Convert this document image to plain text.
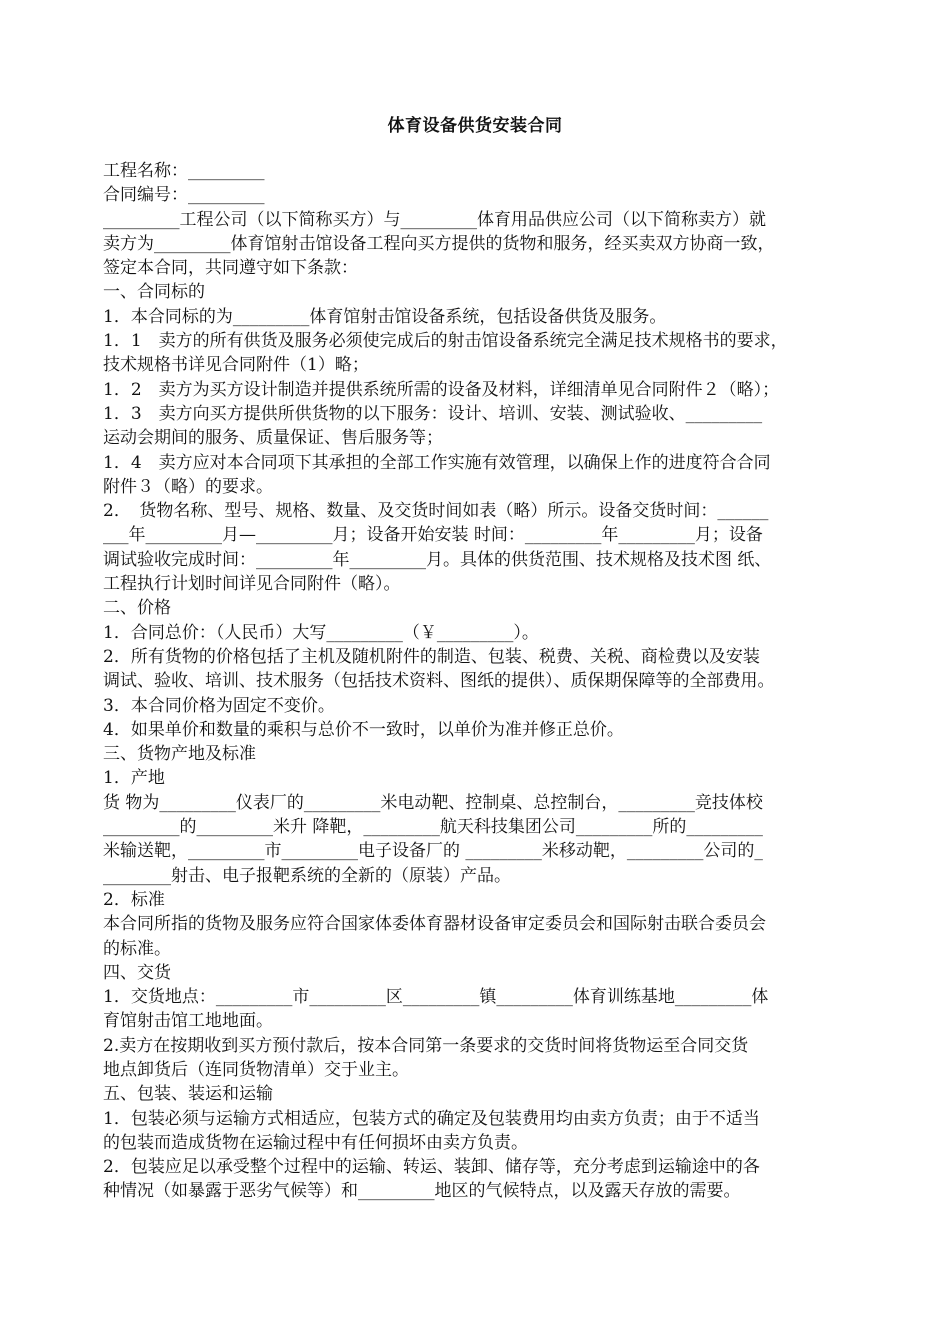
体育设备供货安装合同
工程名称：_________
合同编号：_________
_________工程公司（以下简称买方）与_________体育用品供应公司（以下简称卖方）就
卖方为_________体育馆射击馆设备工程向买方提供的货物和服务，经买卖双方协商一致，
签定本合同，共同遵守如下条款：
一、合同标的
1．本合同标的为_________体育馆射击馆设备系统，包括设备供货及服务。
1．1　卖方的所有供货及服务必须使完成后的射击馆设备系统完全满足技术规格书的要求，
技术规格书详见合同附件（1）略；
1．2　卖方为买方设计制造并提供系统所需的设备及材料，详细清单见合同附件２（略）；
1．3　卖方向买方提供所供货物的以下服务：设计、培训、安装、测试验收、_________
运动会期间的服务、质量保证、售后服务等；
1．4　卖方应对本合同项下其承担的全部工作实施有效管理，以确保上作的进度符合合同
附件３（略）的要求。
2．　货物名称、型号、规格、数量、及交货时间如表（略）所示。设备交货时间：______
___年_________月—_________月；设备开始安装 时间：_________年_________月；设备
调试验收完成时间：_________年_________月。具体的供货范围、技术规格及技术图 纸、
工程执行计划时间详见合同附件（略）。
二、价格
1．合同总价：（人民币）大写_________（￥_________）。
2．所有货物的价格包括了主机及随机附件的制造、包装、税费、关税、商检费以及安装
调试、验收、培训、技术服务（包括技术资料、图纸的提供）、质保期保障等的全部费用。
3．本合同价格为固定不变价。
4．如果单价和数量的乘积与总价不一致时，以单价为准并修正总价。
三、货物产地及标准
1．产地
货 物为_________仪表厂的_________米电动靶、控制桌、总控制台，_________竞技体校
_________的_________米升 降靶，_________航天科技集团公司_________所的_________
米输送靶，_________市_________电子设备厂的 _________米移动靶，_________公司的_
________射击、电子报靶系统的全新的（原装）产品。
2．标准
本合同所指的货物及服务应符合国家体委体育器材设备审定委员会和国际射击联合委员会
的标准。
四、交货
1．交货地点：_________市_________区_________镇_________体育训练基地_________体
育馆射击馆工地地面。
2.卖方在按期收到买方预付款后，按本合同第一条要求的交货时间将货物运至合同交货
地点卸货后（连同货物清单）交于业主。
五、包装、装运和运输
1．包装必须与运输方式相适应，包装方式的确定及包装费用均由卖方负责；由于不适当
的包装而造成货物在运输过程中有任何损坏由卖方负责。
2．包装应足以承受整个过程中的运输、转运、装卸、储存等，充分考虑到运输途中的各
种情况（如暴露于恶劣气候等）和_________地区的气候特点，以及露天存放的需要。
